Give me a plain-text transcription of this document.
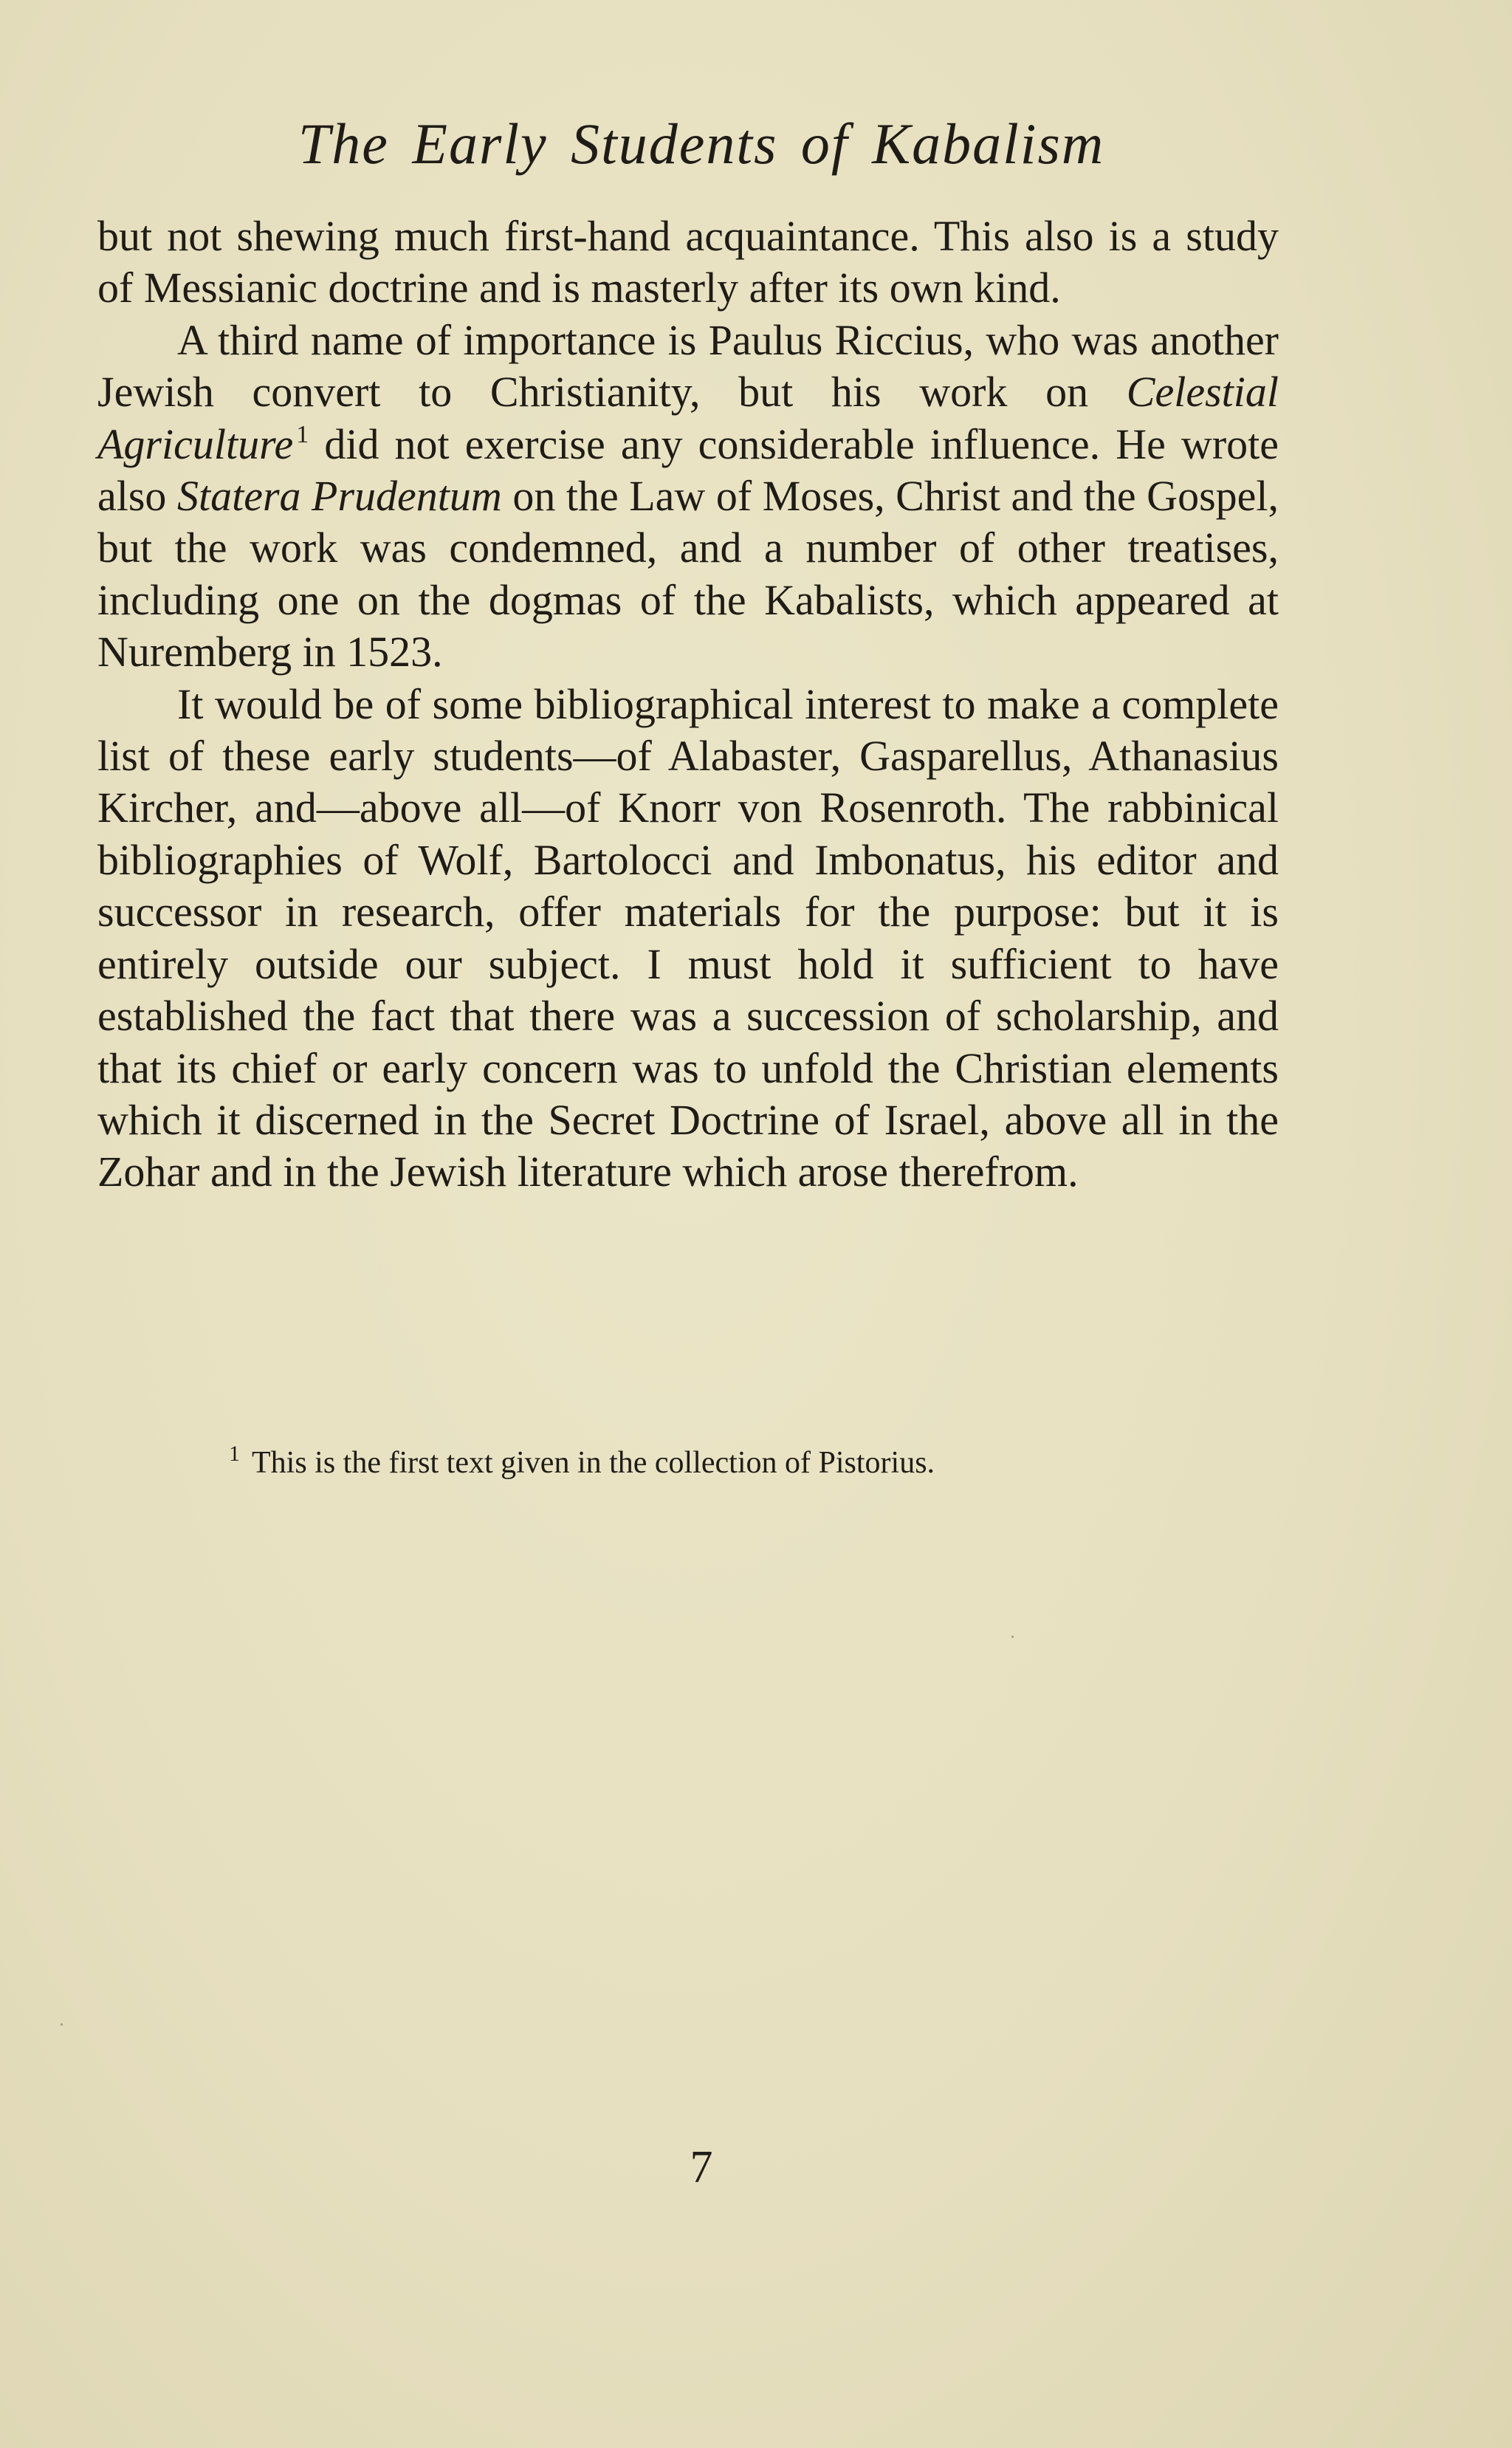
The Early Students of Kabalism

but not shewing much first-hand acquaintance. This also is a study of Messianic doctrine and is masterly after its own kind.

A third name of importance is Paulus Riccius, who was another Jewish convert to Christianity, but his work on Celestial Agriculture $^1$ did not exercise any considerable influence. He wrote also Statera Prudentum on the Law of Moses, Christ and the Gospel, but the work was condemned, and a number of other treatises, including one on the dogmas of the Kabalists, which appeared at Nuremberg in 1523.

It would be of some bibliographical interest to make a complete list of these early students—of Alabaster, Gasparellus, Athanasius Kircher, and—above all—of Knorr von Rosenroth. The rabbinical bibliographies of Wolf, Bartolocci and Imbonatus, his editor and successor in research, offer materials for the purpose: but it is entirely outside our subject. I must hold it sufficient to have established the fact that there was a succession of scholarship, and that its chief or early concern was to unfold the Christian elements which it discerned in the Secret Doctrine of Israel, above all in the Zohar and in the Jewish literature which arose therefrom.

$^1$ This is the first text given in the collection of Pistorius.
7
